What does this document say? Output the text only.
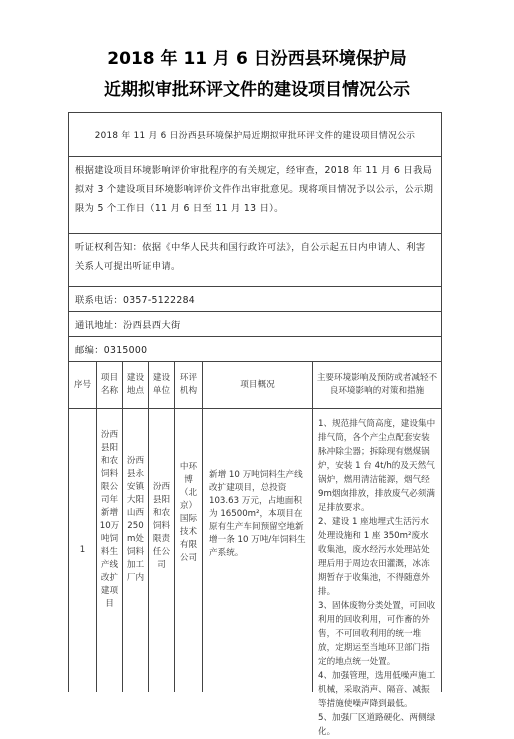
2018 年 11 月 6 日汾西县环境保护局
近期拟审批环评文件的建设项目情况公示
2018 年 11 月 6 日汾西县环境保护局近期拟审批环评文件的建设项目情况公示
根据建设项目环境影响评价审批程序的有关规定，经审查，2018 年 11 月 6 日我局拟对 3 个建设项目环境影响评价文件作出审批意见。现将项目情况予以公示，公示期限为 5 个工作日（11 月 6 日至 11 月 13 日）。
听证权利告知：依据《中华人民共和国行政许可法》，自公示起五日内申请人、利害关系人可提出听证申请。
联系电话：0357-5122284
通讯地址：汾西县西大街
邮编：0315000
序号
项目名称
建设地点
建设单位
环评机构
项目概况
主要环境影响及预防或者减轻不良环境影响的对策和措施
1
汾西县阳和农饲料限公司年新增10万吨饲料生产线改扩建项目
汾西县永安镇大阳山西250m处饲料加工厂内
汾西县阳和农饲料限责任公司
中环博（北京）国际技术有限公司
新增 10 万吨饲料生产线改扩建项目，总投资 103.63 万元，占地面积为 16500m²，本项目在原有生产车间预留空地新增一条 10 万吨/年饲料生产系统。
1、规范排气筒高度，建设集中排气筒，各个产尘点配套安装脉冲除尘器；拆除现有燃煤锅炉，安装 1 台 4t/h的及天然气锅炉，燃用清洁能源，烟气经 9m烟囱排放，排放废气必须满足排放要求。
2、建设 1 座地埋式生活污水处理设施和 1 座 350m²废水收集池，废水经污水处理站处理后用于周边农田灌溉，冰冻期暂存于收集池，不得随意外排。
3、固体废物分类处置，可回收利用的回收利用，可作畜的外售，不可回收利用的统一堆放，定期运至当地环卫部门指定的地点统一处置。
4、加强管理，选用低噪声施工机械，采取消声、隔音、减振等措施使噪声降到最低。
5、加强厂区道路硬化、两侧绿化。
